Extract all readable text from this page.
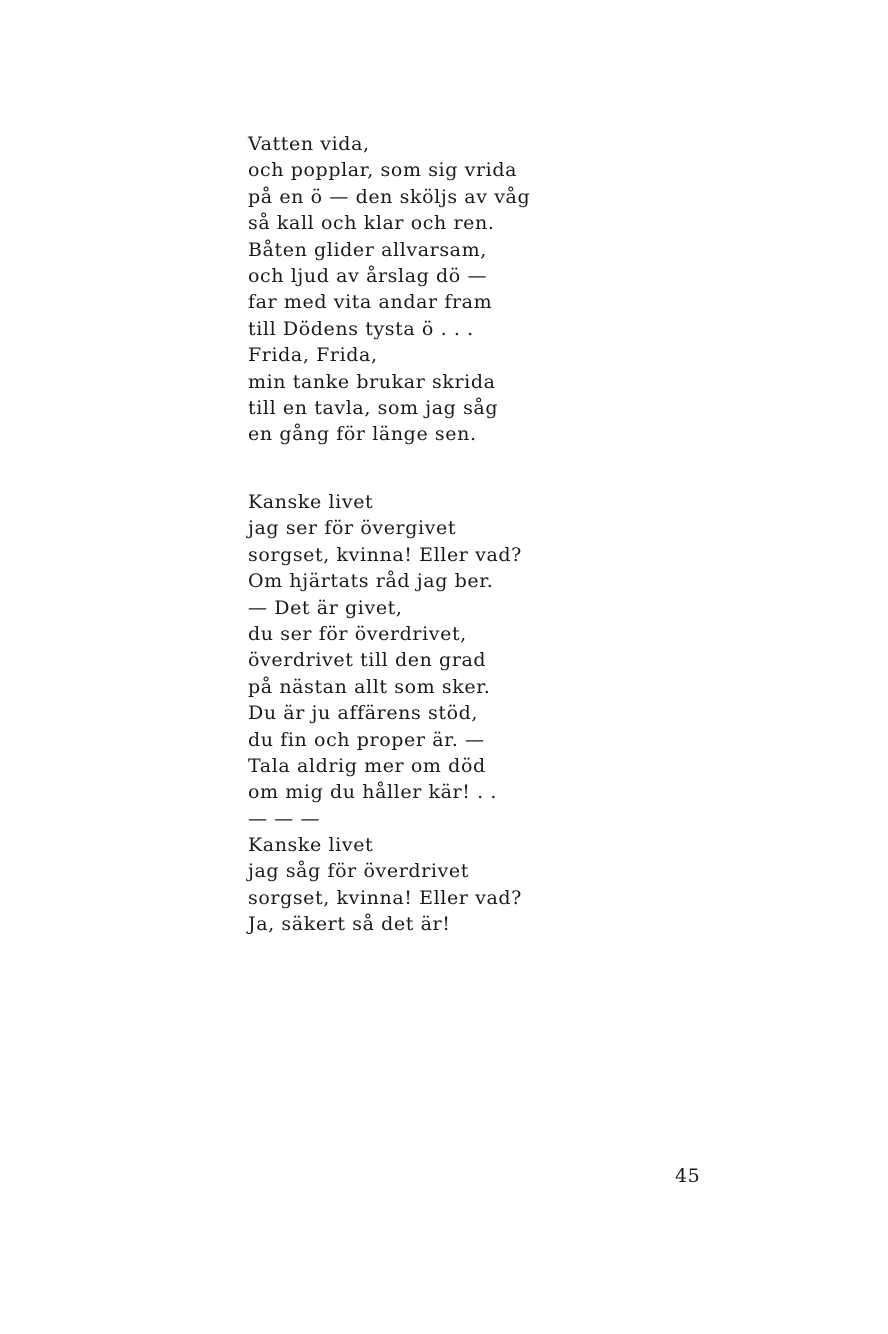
Vatten vida,
och popplar, som sig vrida
på en ö — den sköljs av våg
så kall och klar och ren.
Båten glider allvarsam,
och ljud av årslag dö —
far med vita andar fram
till Dödens tysta ö . . .
Frida, Frida,
min tanke brukar skrida
till en tavla, som jag såg
en gång för länge sen.
Kanske livet
jag ser för övergivet
sorgset, kvinna! Eller vad?
Om hjärtats råd jag ber.
— Det är givet,
du ser för överdrivet,
överdrivet till den grad
på nästan allt som sker.
Du är ju affärens stöd,
du fin och proper är. —
Tala aldrig mer om död
om mig du håller kär! . .
— — —
Kanske livet
jag såg för överdrivet
sorgset, kvinna! Eller vad?
Ja, säkert så det är!
45
